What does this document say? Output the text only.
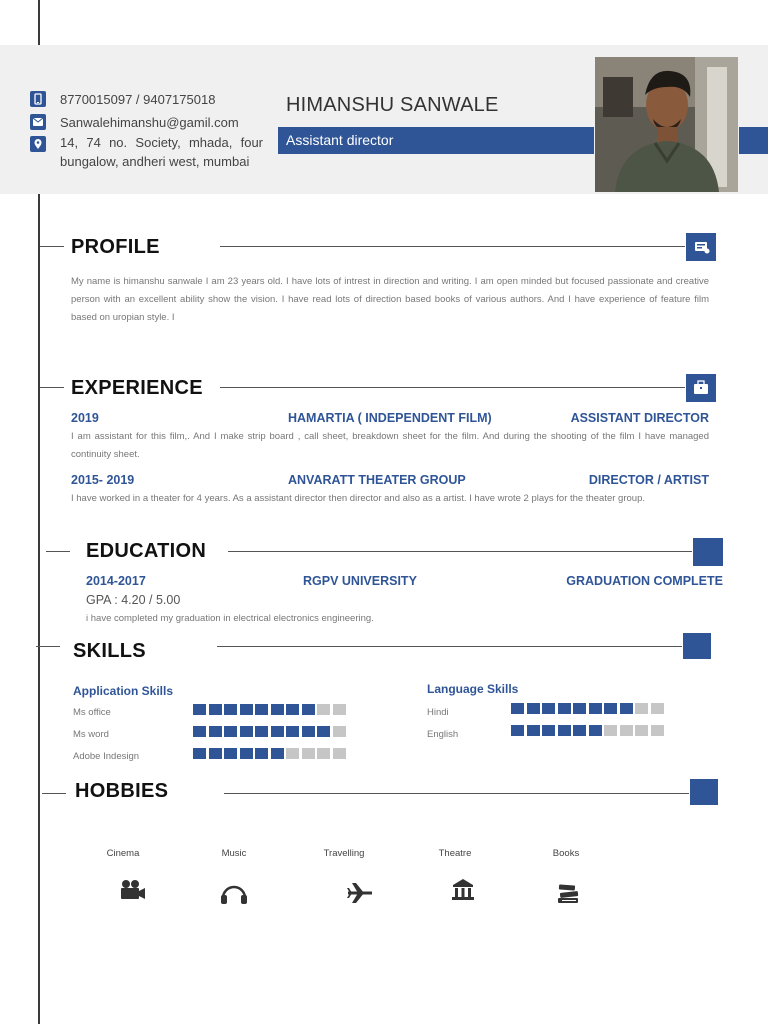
8770015097 / 9407175018
Sanwalehimanshu@gamil.com
14, 74 no. Society, mhada, four bungalow, andheri west, mumbai
HIMANSHU SANWALE
Assistant director
PROFILE
My name is himanshu sanwale I am 23 years old. I have lots of intrest in direction and writing. I am open minded but focused passionate and creative person with an excellent ability show the vision. I have read lots of direction based books of various authors. And I have experience of feature film based on uropian style. I
EXPERIENCE
2019	HAMARTIA ( INDEPENDENT FILM)	ASSISTANT DIRECTOR
I am assistant for this film,. And I make strip board , call sheet, breakdown sheet for the film. And during the shooting of the film I have managed continuity sheet.
2015- 2019	ANVARATT THEATER GROUP	DIRECTOR / ARTIST
I have worked in a theater for 4 years. As a assistant director then director and also as a artist. I have wrote 2 plays for the theater group.
EDUCATION
2014-2017	RGPV UNIVERSITY	GRADUATION COMPLETE
GPA : 4.20 / 5.00
i have completed my graduation in electrical electronics engineering.
SKILLS
Application Skills	Language Skills
Ms office
Ms word
Adobe Indesign
Hindi
English
HOBBIES
Cinema	Music	Travelling	Theatre	Books
